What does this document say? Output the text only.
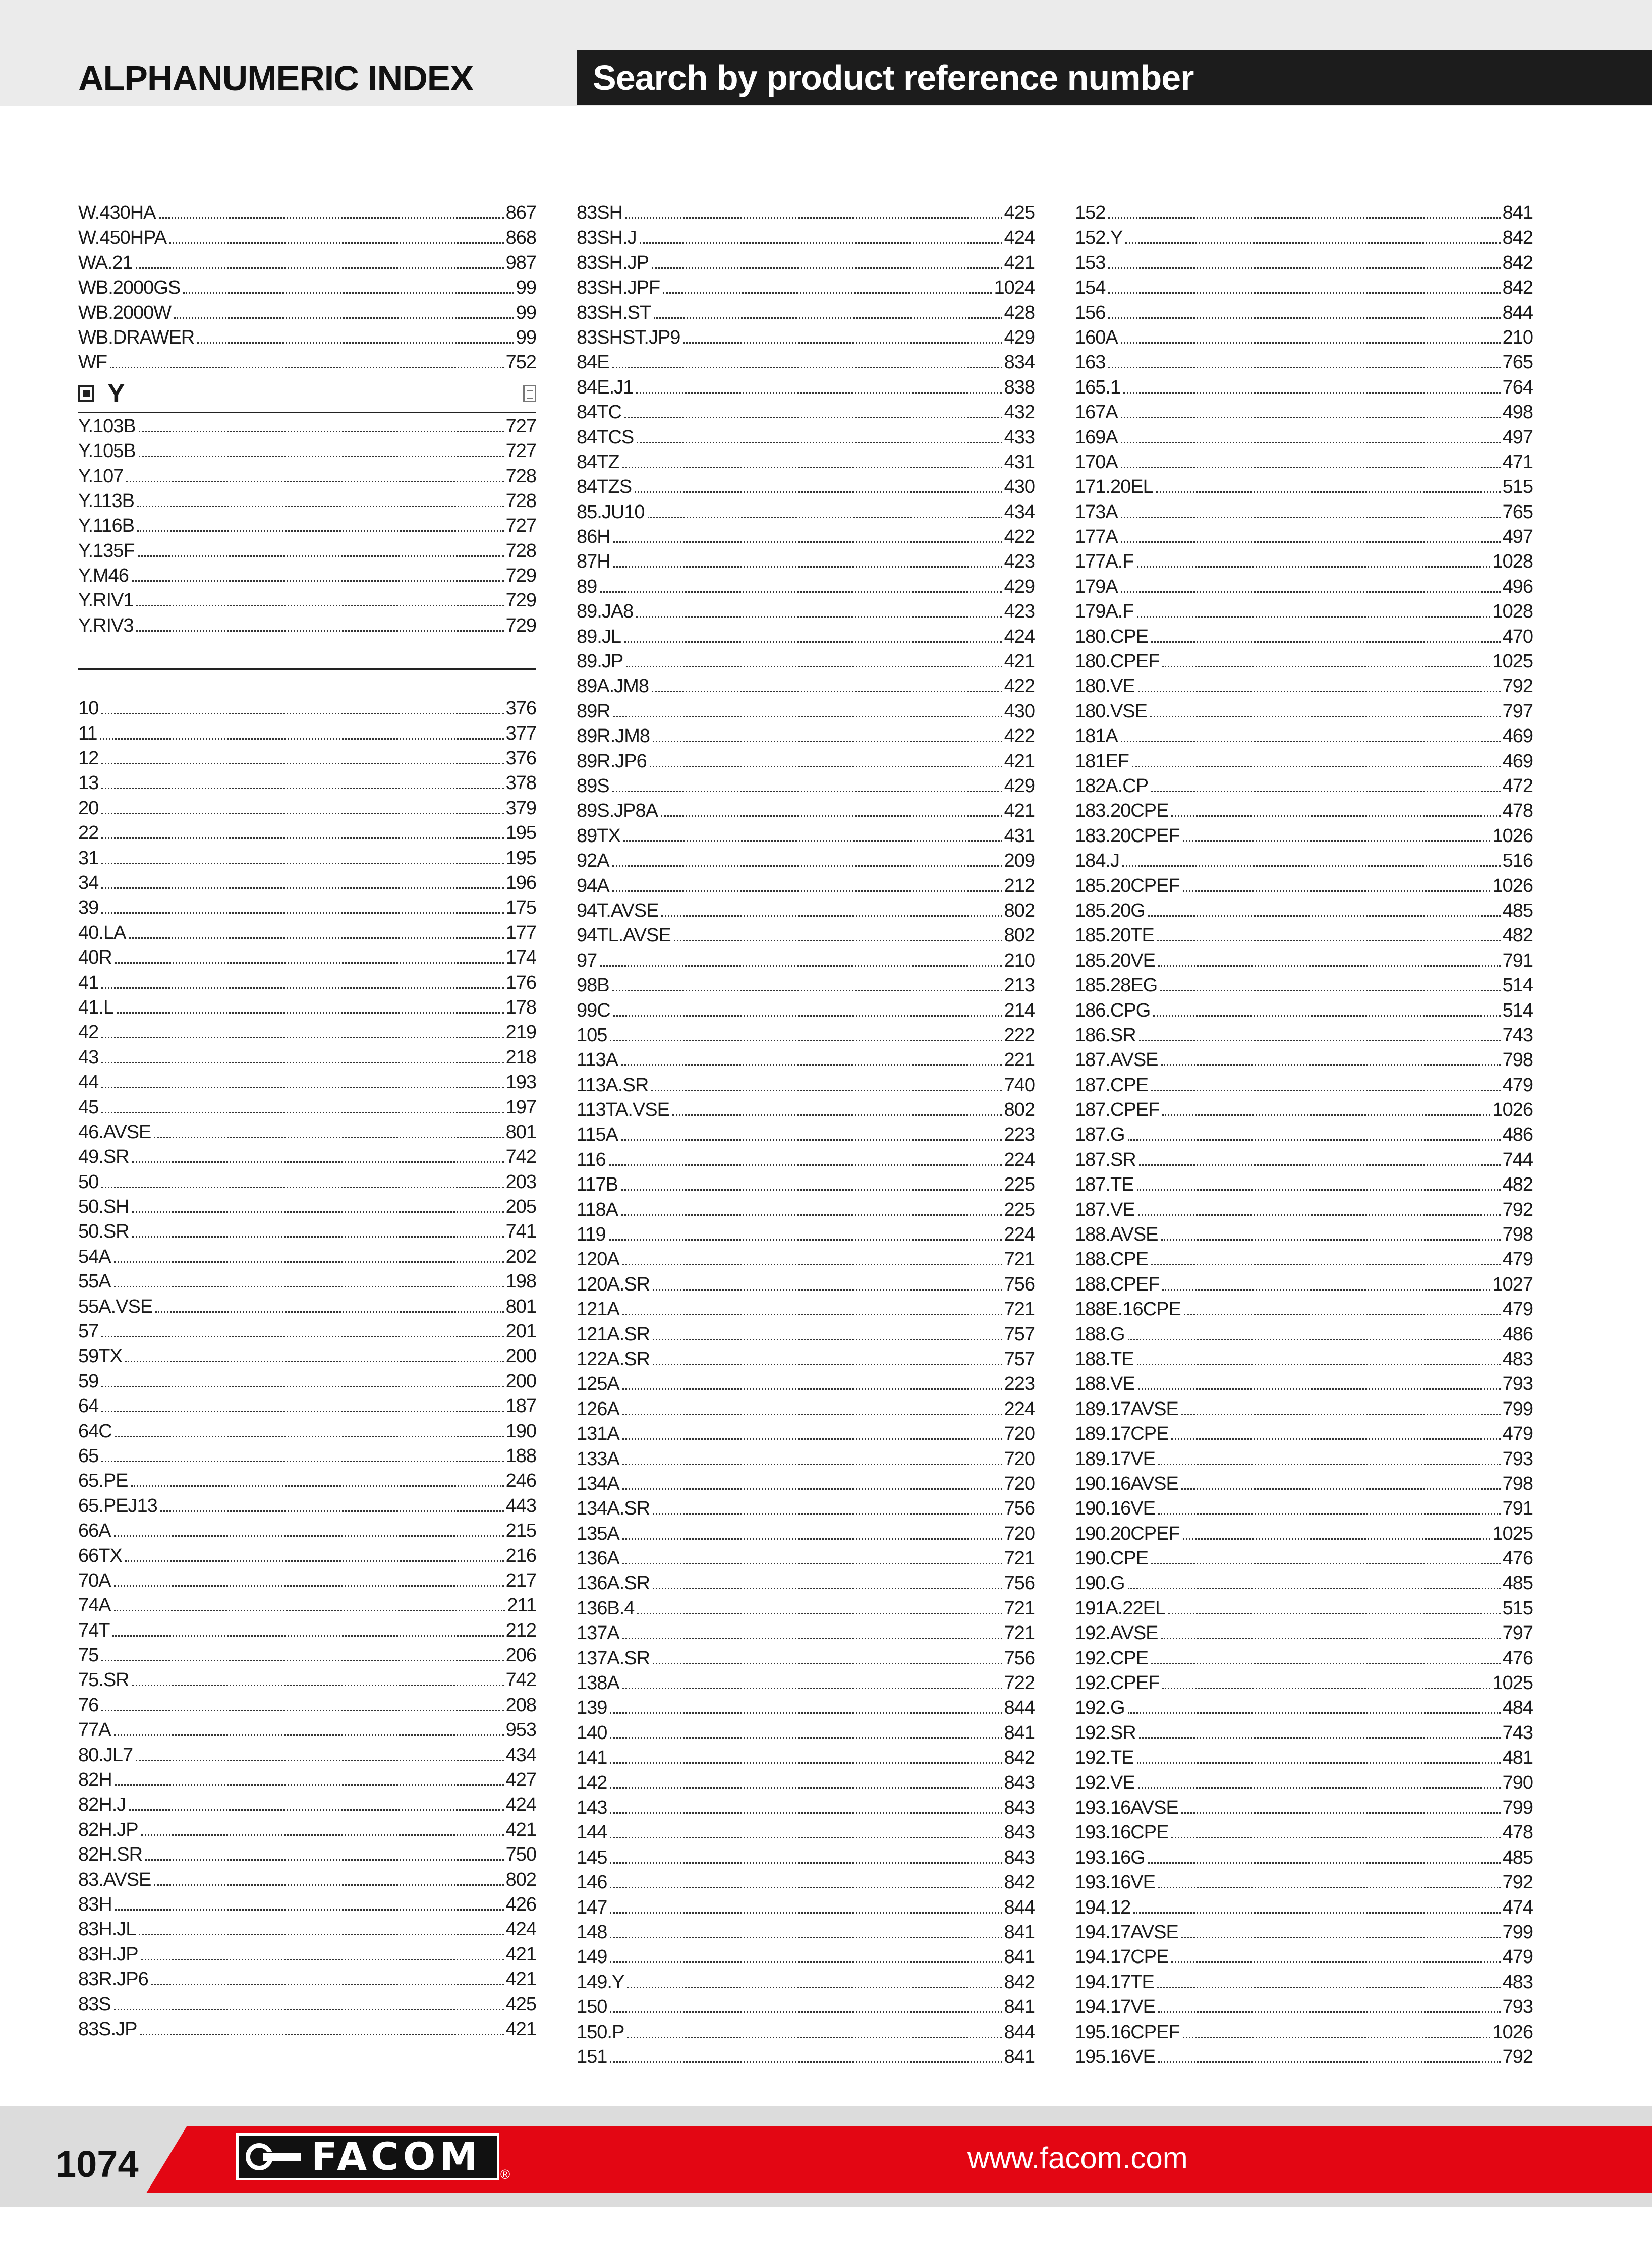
ALPHANUMERIC INDEX	Search by product reference number
W.430HA	867
W.450HPA	868
WA.21	987
WB.2000GS	99
WB.2000W	99
WB.DRAWER	99
WF	752
Y
Y.103B	727
Y.105B	727
Y.107	728
Y.113B	728
Y.116B	727
Y.135F	728
Y.M46	729
Y.RIV1	729
Y.RIV3	729
10	376
11	377
12	376
13	378
20	379
22	195
31	195
34	196
39	175
40.LA	177
40R	174
41	176
41.L	178
42	219
43	218
44	193
45	197
46.AVSE	801
49.SR	742
50	203
50.SH	205
50.SR	741
54A	202
55A	198
55A.VSE	801
57	201
59TX	200
59	200
64	187
64C	190
65	188
65.PE	246
65.PEJ13	443
66A	215
66TX	216
70A	217
74A	211
74T	212
75	206
75.SR	742
76	208
77A	953
80.JL7	434
82H	427
82H.J	424
82H.JP	421
82H.SR	750
83.AVSE	802
83H	426
83H.JL	424
83H.JP	421
83R.JP6	421
83S	425
83S.JP	421
83SH	425
83SH.J	424
83SH.JP	421
83SH.JPF	1024
83SH.ST	428
83SHST.JP9	429
84E	834
84E.J1	838
84TC	432
84TCS	433
84TZ	431
84TZS	430
85.JU10	434
86H	422
87H	423
89	429
89.JA8	423
89.JL	424
89.JP	421
89A.JM8	422
89R	430
89R.JM8	422
89R.JP6	421
89S	429
89S.JP8A	421
89TX	431
92A	209
94A	212
94T.AVSE	802
94TL.AVSE	802
97	210
98B	213
99C	214
105	222
113A	221
113A.SR	740
113TA.VSE	802
115A	223
116	224
117B	225
118A	225
119	224
120A	721
120A.SR	756
121A	721
121A.SR	757
122A.SR	757
125A	223
126A	224
131A	720
133A	720
134A	720
134A.SR	756
135A	720
136A	721
136A.SR	756
136B.4	721
137A	721
137A.SR	756
138A	722
139	844
140	841
141	842
142	843
143	843
144	843
145	843
146	842
147	844
148	841
149	841
149.Y	842
150	841
150.P	844
151	841
152	841
152.Y	842
153	842
154	842
156	844
160A	210
163	765
165.1	764
167A	498
169A	497
170A	471
171.20EL	515
173A	765
177A	497
177A.F	1028
179A	496
179A.F	1028
180.CPE	470
180.CPEF	1025
180.VE	792
180.VSE	797
181A	469
181EF	469
182A.CP	472
183.20CPE	478
183.20CPEF	1026
184.J	516
185.20CPEF	1026
185.20G	485
185.20TE	482
185.20VE	791
185.28EG	514
186.CPG	514
186.SR	743
187.AVSE	798
187.CPE	479
187.CPEF	1026
187.G	486
187.SR	744
187.TE	482
187.VE	792
188.AVSE	798
188.CPE	479
188.CPEF	1027
188E.16CPE	479
188.G	486
188.TE	483
188.VE	793
189.17AVSE	799
189.17CPE	479
189.17VE	793
190.16AVSE	798
190.16VE	791
190.20CPEF	1025
190.CPE	476
190.G	485
191A.22EL	515
192.AVSE	797
192.CPE	476
192.CPEF	1025
192.G	484
192.SR	743
192.TE	481
192.VE	790
193.16AVSE	799
193.16CPE	478
193.16G	485
193.16VE	792
194.12	474
194.17AVSE	799
194.17CPE	479
194.17TE	483
194.17VE	793
195.16CPEF	1026
195.16VE	792
1074	FACOM ®	www.facom.com
